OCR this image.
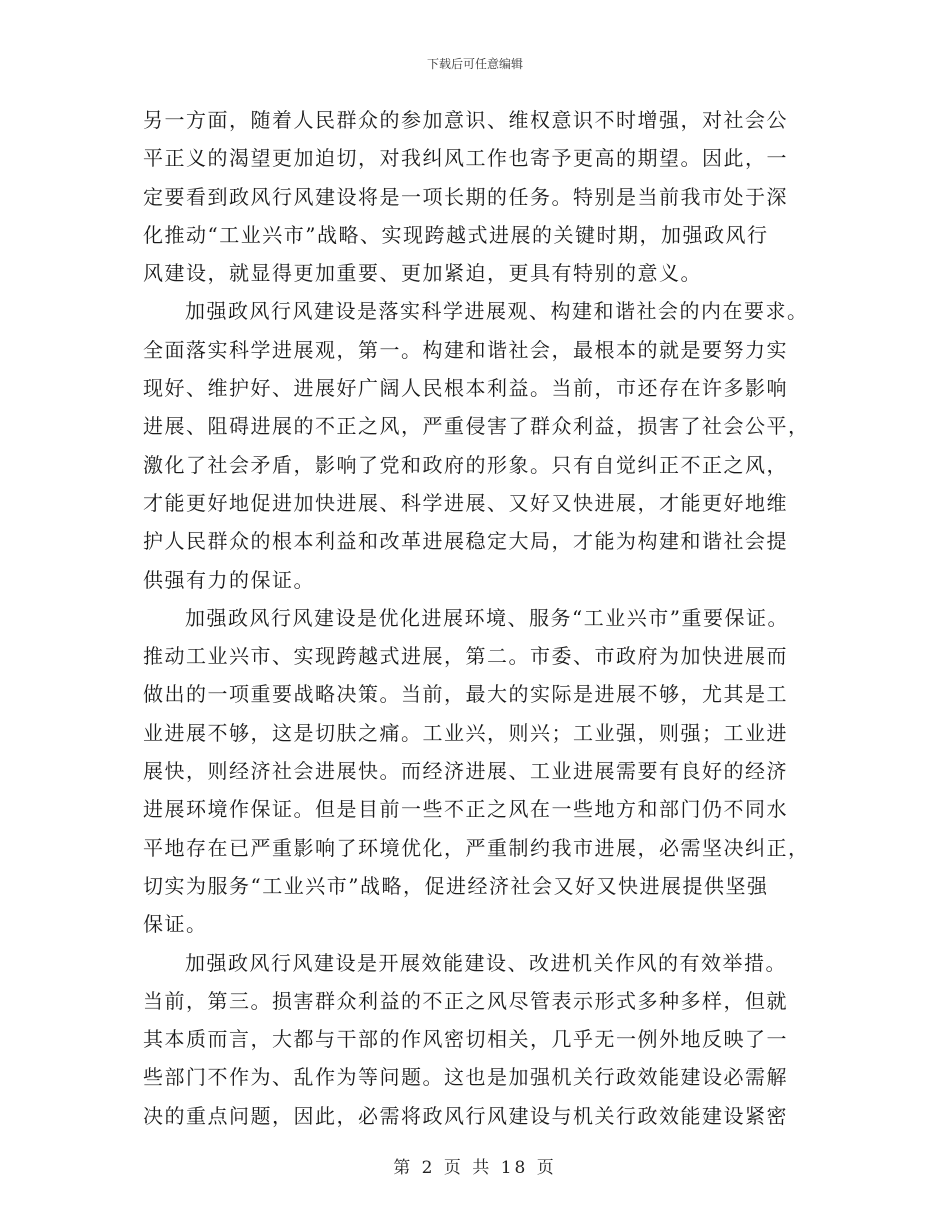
下载后可任意编辑
另一方面，随着人民群众的参加意识、维权意识不时增强，对社会公
平正义的渴望更加迫切，对我纠风工作也寄予更高的期望。因此，一
定要看到政风行风建设将是一项长期的任务。特别是当前我市处于深
化推动“工业兴市”战略、实现跨越式进展的关键时期，加强政风行
风建设，就显得更加重要、更加紧迫，更具有特别的意义。
加强政风行风建设是落实科学进展观、构建和谐社会的内在要求。
全面落实科学进展观，第一。构建和谐社会，最根本的就是要努力实
现好、维护好、进展好广阔人民根本利益。当前，市还存在许多影响
进展、阻碍进展的不正之风，严重侵害了群众利益，损害了社会公平，
激化了社会矛盾，影响了党和政府的形象。只有自觉纠正不正之风，
才能更好地促进加快进展、科学进展、又好又快进展，才能更好地维
护人民群众的根本利益和改革进展稳定大局，才能为构建和谐社会提
供强有力的保证。
加强政风行风建设是优化进展环境、服务“工业兴市”重要保证。
推动工业兴市、实现跨越式进展，第二。市委、市政府为加快进展而
做出的一项重要战略决策。当前，最大的实际是进展不够，尤其是工
业进展不够，这是切肤之痛。工业兴，则兴；工业强，则强；工业进
展快，则经济社会进展快。而经济进展、工业进展需要有良好的经济
进展环境作保证。但是目前一些不正之风在一些地方和部门仍不同水
平地存在已严重影响了环境优化，严重制约我市进展，必需坚决纠正，
切实为服务“工业兴市”战略，促进经济社会又好又快进展提供坚强
保证。
加强政风行风建设是开展效能建设、改进机关作风的有效举措。
当前，第三。损害群众利益的不正之风尽管表示形式多种多样，但就
其本质而言，大都与干部的作风密切相关，几乎无一例外地反映了一
些部门不作为、乱作为等问题。这也是加强机关行政效能建设必需解
决的重点问题，因此，必需将政风行风建设与机关行政效能建设紧密
第 2 页 共 18 页
